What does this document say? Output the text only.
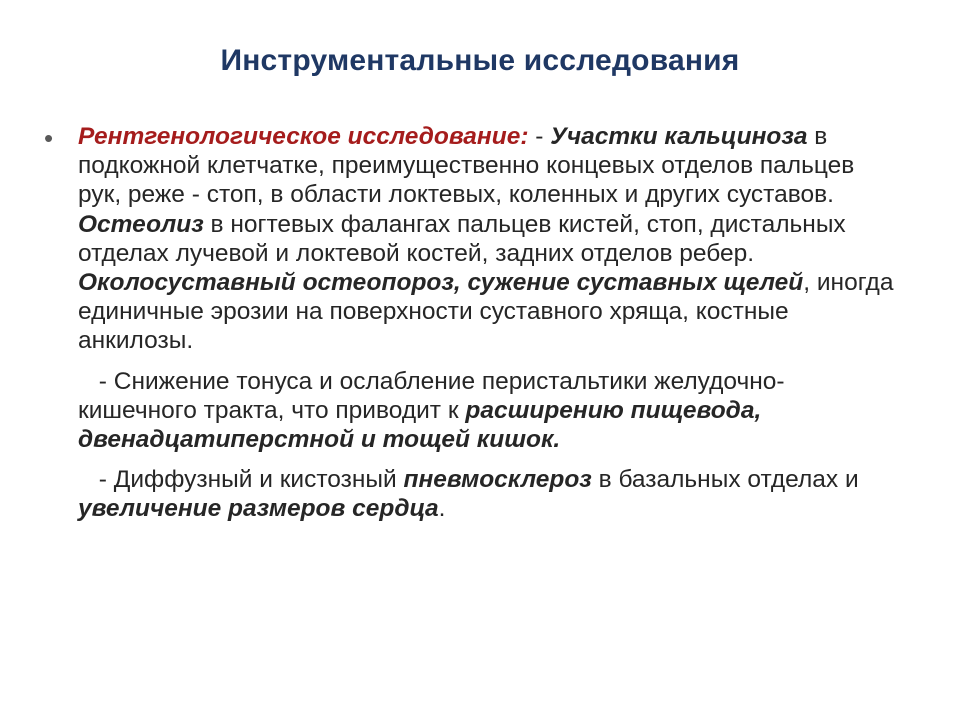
Инструментальные исследования
• Рентгенологическое исследование: - Участки кальциноза в подкожной клетчатке, преимущественно концевых отделов пальцев рук, реже - стоп, в области локтевых, коленных и других суставов. Остеолиз в ногтевых фалангах пальцев кистей, стоп, дистальных отделах лучевой и локтевой костей, задних отделов ребер. Околосуставный остеопороз, сужение суставных щелей, иногда единичные эрозии на поверхности суставного хряща, костные анкилозы.

- Снижение тонуса и ослабление перистальтики желудочно-кишечного тракта, что приводит к расширению пищевода, двенадцатиперстной и тощей кишок.

- Диффузный и кистозный пневмосклероз в базальных отделах и увеличение размеров сердца.
